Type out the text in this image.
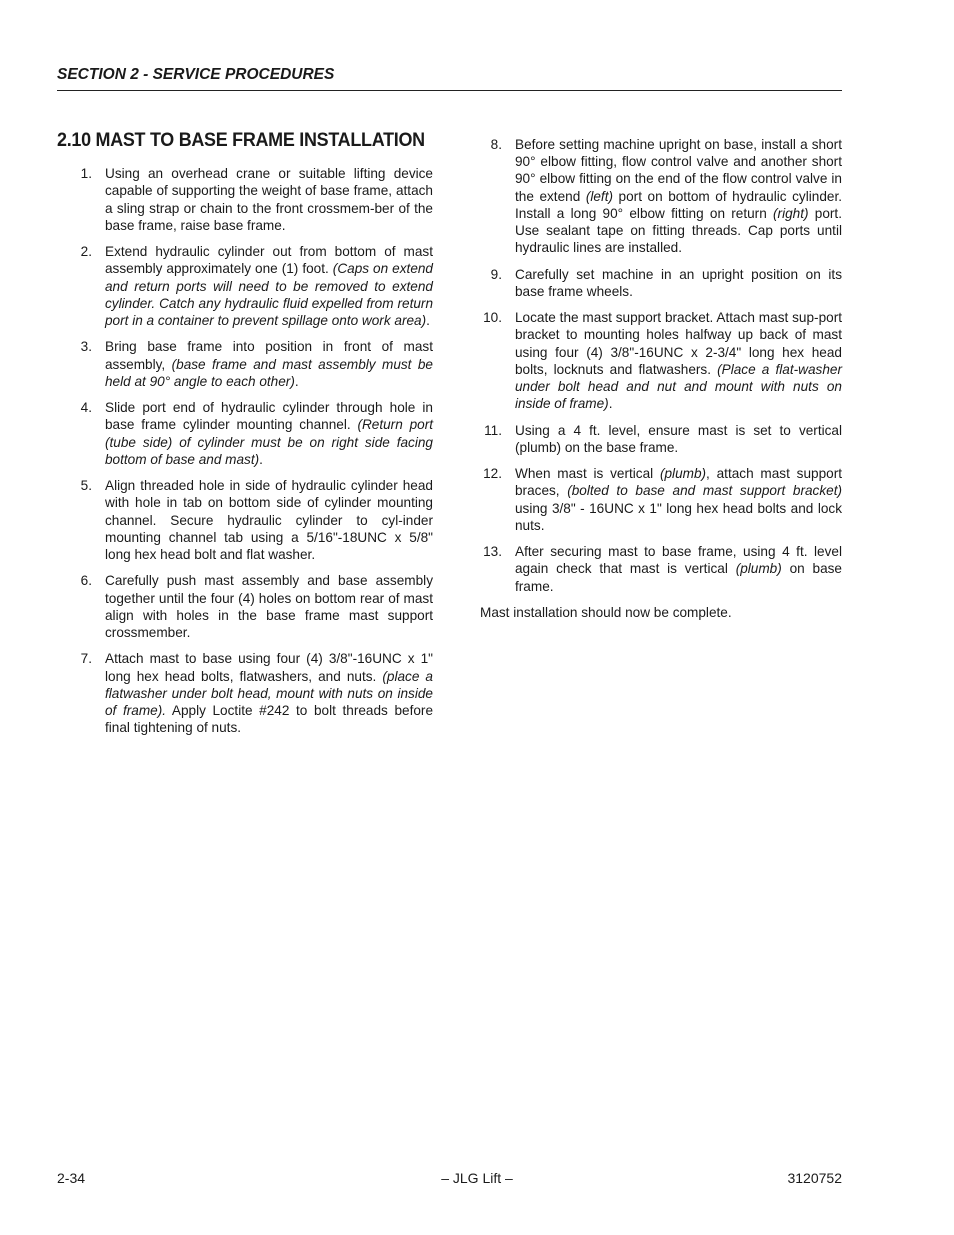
SECTION 2 - SERVICE PROCEDURES
2.10 MAST TO BASE FRAME INSTALLATION
1. Using an overhead crane or suitable lifting device capable of supporting the weight of base frame, attach a sling strap or chain to the front crossmem-ber of the base frame, raise base frame.
2. Extend hydraulic cylinder out from bottom of mast assembly approximately one (1) foot. (Caps on extend and return ports will need to be removed to extend cylinder. Catch any hydraulic fluid expelled from return port in a container to prevent spillage onto work area).
3. Bring base frame into position in front of mast assembly, (base frame and mast assembly must be held at 90° angle to each other).
4. Slide port end of hydraulic cylinder through hole in base frame cylinder mounting channel. (Return port (tube side) of cylinder must be on right side facing bottom of base and mast).
5. Align threaded hole in side of hydraulic cylinder head with hole in tab on bottom side of cylinder mounting channel. Secure hydraulic cylinder to cyl-inder mounting channel tab using a 5/16"-18UNC x 5/8" long hex head bolt and flat washer.
6. Carefully push mast assembly and base assembly together until the four (4) holes on bottom rear of mast align with holes in the base frame mast support crossmember.
7. Attach mast to base using four (4) 3/8"-16UNC x 1" long hex head bolts, flatwashers, and nuts. (place a flatwasher under bolt head, mount with nuts on inside of frame). Apply Loctite #242 to bolt threads before final tightening of nuts.
8. Before setting machine upright on base, install a short 90° elbow fitting, flow control valve and another short 90° elbow fitting on the end of the flow control valve in the extend (left) port on bottom of hydraulic cylinder. Install a long 90° elbow fitting on return (right) port. Use sealant tape on fitting threads. Cap ports until hydraulic lines are installed.
9. Carefully set machine in an upright position on its base frame wheels.
10. Locate the mast support bracket. Attach mast sup-port bracket to mounting holes halfway up back of mast using four (4) 3/8"-16UNC x 2-3/4" long hex head bolts, locknuts and flatwashers. (Place a flat-washer under bolt head and nut and mount with nuts on inside of frame).
11. Using a 4 ft. level, ensure mast is set to vertical (plumb) on the base frame.
12. When mast is vertical (plumb), attach mast support braces, (bolted to base and mast support bracket) using 3/8" - 16UNC x 1" long hex head bolts and lock nuts.
13. After securing mast to base frame, using 4 ft. level again check that mast is vertical (plumb) on base frame.
Mast installation should now be complete.
2-34	– JLG Lift –	3120752
